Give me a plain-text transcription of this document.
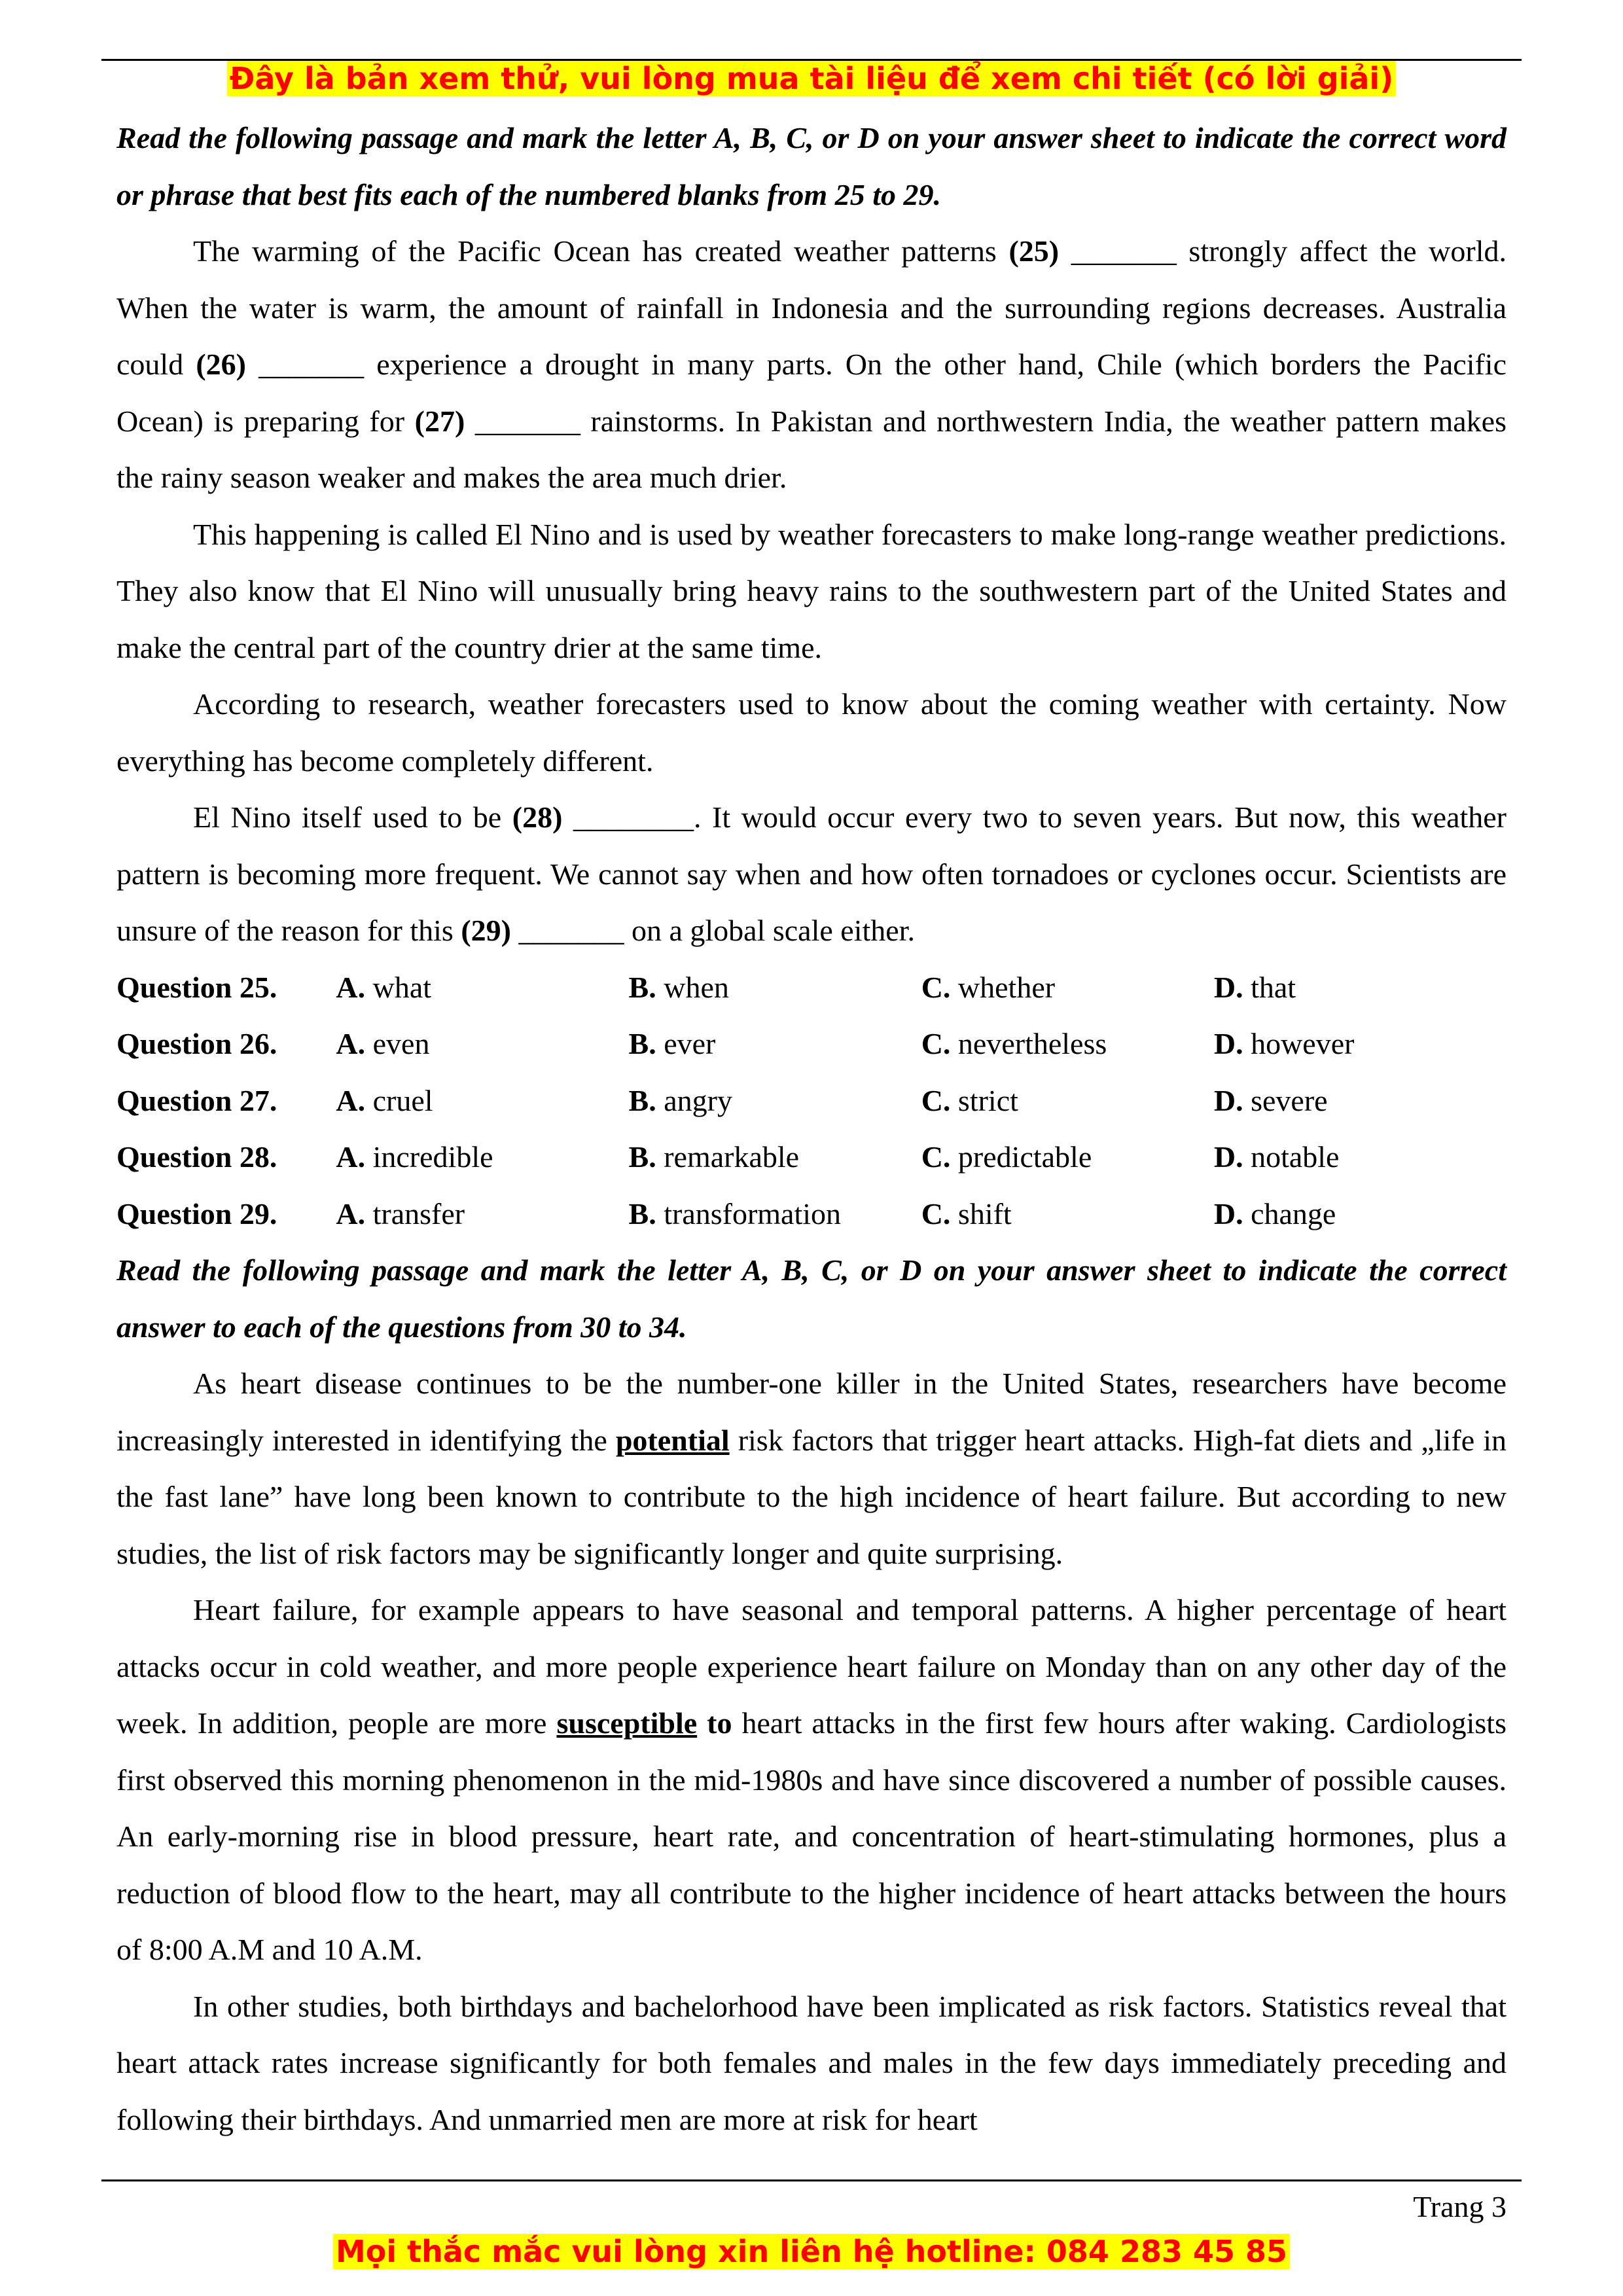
Đây là bản xem thử, vui lòng mua tài liệu để xem chi tiết (có lời giải)

Read the following passage and mark the letter A, B, C, or D on your answer sheet to indicate the correct word or phrase that best fits each of the numbered blanks from 25 to 29.

The warming of the Pacific Ocean has created weather patterns (25) _______ strongly affect the world. When the water is warm, the amount of rainfall in Indonesia and the surrounding regions decreases. Australia could (26) _______ experience a drought in many parts. On the other hand, Chile (which borders the Pacific Ocean) is preparing for (27) _______ rainstorms. In Pakistan and northwestern India, the weather pattern makes the rainy season weaker and makes the area much drier.

This happening is called El Nino and is used by weather forecasters to make long-range weather predictions. They also know that El Nino will unusually bring heavy rains to the southwestern part of the United States and make the central part of the country drier at the same time.

According to research, weather forecasters used to know about the coming weather with certainty. Now everything has become completely different.

El Nino itself used to be (28) ________. It would occur every two to seven years. But now, this weather pattern is becoming more frequent. We cannot say when and how often tornadoes or cyclones occur. Scientists are unsure of the reason for this (29) _______ on a global scale either.

Question 25.	A. what	B. when	C. whether	D. that
Question 26.	A. even	B. ever	C. nevertheless	D. however
Question 27.	A. cruel	B. angry	C. strict	D. severe
Question 28.	A. incredible	B. remarkable	C. predictable	D. notable
Question 29.	A. transfer	B. transformation	C. shift	D. change

Read the following passage and mark the letter A, B, C, or D on your answer sheet to indicate the correct answer to each of the questions from 30 to 34.

As heart disease continues to be the number-one killer in the United States, researchers have become increasingly interested in identifying the potential risk factors that trigger heart attacks. High-fat diets and „life in the fast lane” have long been known to contribute to the high incidence of heart failure. But according to new studies, the list of risk factors may be significantly longer and quite surprising.

Heart failure, for example appears to have seasonal and temporal patterns. A higher percentage of heart attacks occur in cold weather, and more people experience heart failure on Monday than on any other day of the week. In addition, people are more susceptible to heart attacks in the first few hours after waking. Cardiologists first observed this morning phenomenon in the mid-1980s and have since discovered a number of possible causes. An early-morning rise in blood pressure, heart rate, and concentration of heart-stimulating hormones, plus a reduction of blood flow to the heart, may all contribute to the higher incidence of heart attacks between the hours of 8:00 A.M and 10 A.M.

In other studies, both birthdays and bachelorhood have been implicated as risk factors. Statistics reveal that heart attack rates increase significantly for both females and males in the few days immediately preceding and following their birthdays. And unmarried men are more at risk for heart

Trang 3
Mọi thắc mắc vui lòng xin liên hệ hotline: 084 283 45 85
